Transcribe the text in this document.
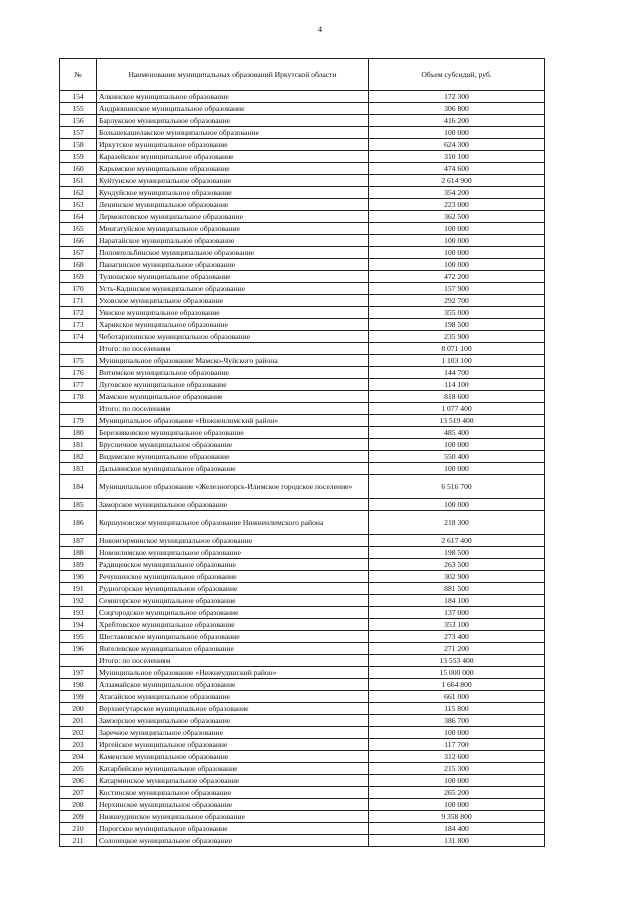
4
№	Наименование муниципальных образований Иркутской области	Объем субсидий, руб.
154	Алкинское муниципальное образование	172 300
155	Андрюшинское муниципальное образование	306 800
156	Барлукское муниципальное образование	416 200
157	Большекашелакское муниципальное образование	100 000
158	Иркутское муниципальное образование	624 300
159	Каразейское муниципальное образование	310 100
160	Карымское муниципальное образование	474 600
161	Куйтунское муниципальное образование	2 614 900
162	Кундуйское муниципальное образование	354 200
163	Ленинское муниципальное образование	223 000
164	Лермонтовское муниципальное образование	362 500
165	Мингатуйское муниципальное образование	100 000
166	Наратайское муниципальное образование	100 000
167	Поповтельбинское муниципальное образование	100 000
168	Панагинское муниципальное образование	100 000
169	Тулюшское муниципальное образование	472 200
170	Усть-Кадинское муниципальное образование	157 900
171	Уховское муниципальное образование	292 700
172	Уянское муниципальное образование	355 000
173	Харикское муниципальное образование	198 500
174	Чеботарихинское муниципальное образование	235 900
	Итого: по поселениям	8 071 100
175	Муниципальное образование Мамско-Чуйского района	1 103 100
176	Витимское муниципальное образование	144 700
177	Луговское муниципальное образование	114 100
178	Мамское муниципальное образование	818 600
	Итого: по поселениям	1 077 400
179	Муниципальное образование «Нижнеилимский район»	13 519 400
180	Березняковское муниципальное образование	485 400
181	Брусничное муниципальное образование	100 000
182	Видимское муниципальное образование	550 400
183	Дальнинское муниципальное образование	100 000
184	Муниципальное образование «Железногорск-Илимское городское поселение»	6 516 700
185	Заморское муниципальное образование	100 000
186	Коршуновское муниципальное образование Нижнеилимского района	218 300
187	Новоигирминское муниципальное образование	2 617 400
188	Новоилимское муниципальное образование	198 500
189	Радищевское муниципальное образование	263 500
190	Речушинское муниципальное образование	302 900
191	Рудногорское муниципальное образование	881 500
192	Семигорское муниципальное образование	184 100
193	Соцгородское муниципальное образование	137 000
194	Хребтовское муниципальное образование	353 100
195	Шестаковское муниципальное образование	273 400
196	Янгелевское муниципальное образование	271 200
	Итого: по поселениям	13 553 400
197	Муниципальное образование «Нижнеудинский район»	15 000 000
198	Алзамайское муниципальное образование	1 664 800
199	Атагайское муниципальное образование	661 000
200	Верхнегутарское муниципальное образование	115 800
201	Замзорское муниципальное образование	386 700
202	Заречное муниципальное образование	100 000
203	Иргейское муниципальное образование	117 700
204	Каменское муниципальное образование	312 600
205	Катарбейское муниципальное образование	215 300
206	Катарминское муниципальное образование	100 000
207	Костинское муниципальное образование	265 200
208	Нерхинское муниципальное образование	100 000
209	Нижнеудинское муниципальное образование	9 358 800
210	Порогское муниципальное образование	184 400
211	Солонецкое муниципальное образование	131 800
